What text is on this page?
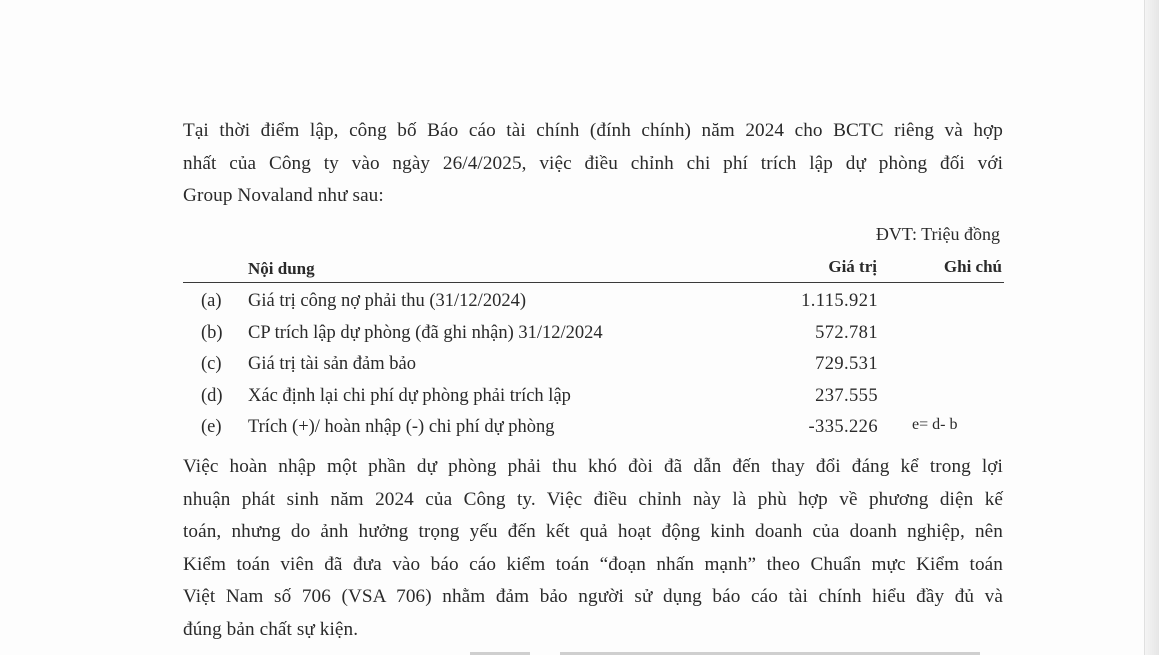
Tại thời điểm lập, công bố Báo cáo tài chính (đính chính) năm 2024 cho BCTC riêng và hợp
nhất của Công ty vào ngày 26/4/2025, việc điều chỉnh chi phí trích lập dự phòng đối với
Group Novaland như sau:
ĐVT: Triệu đồng
Nội dung	Giá trị	Ghi chú
(a) Giá trị công nợ phải thu (31/12/2024)	1.115.921
(b) CP trích lập dự phòng (đã ghi nhận) 31/12/2024	572.781
(c) Giá trị tài sản đảm bảo	729.531
(d) Xác định lại chi phí dự phòng phải trích lập	237.555
(e) Trích (+)/ hoàn nhập (-) chi phí dự phòng	-335.226 e= d- b
Việc hoàn nhập một phần dự phòng phải thu khó đòi đã dẫn đến thay đổi đáng kể trong lợi
nhuận phát sinh năm 2024 của Công ty. Việc điều chỉnh này là phù hợp về phương diện kế
toán, nhưng do ảnh hưởng trọng yếu đến kết quả hoạt động kinh doanh của doanh nghiệp, nên
Kiểm toán viên đã đưa vào báo cáo kiểm toán “đoạn nhấn mạnh” theo Chuẩn mực Kiểm toán
Việt Nam số 706 (VSA 706) nhằm đảm bảo người sử dụng báo cáo tài chính hiểu đầy đủ và
đúng bản chất sự kiện.
